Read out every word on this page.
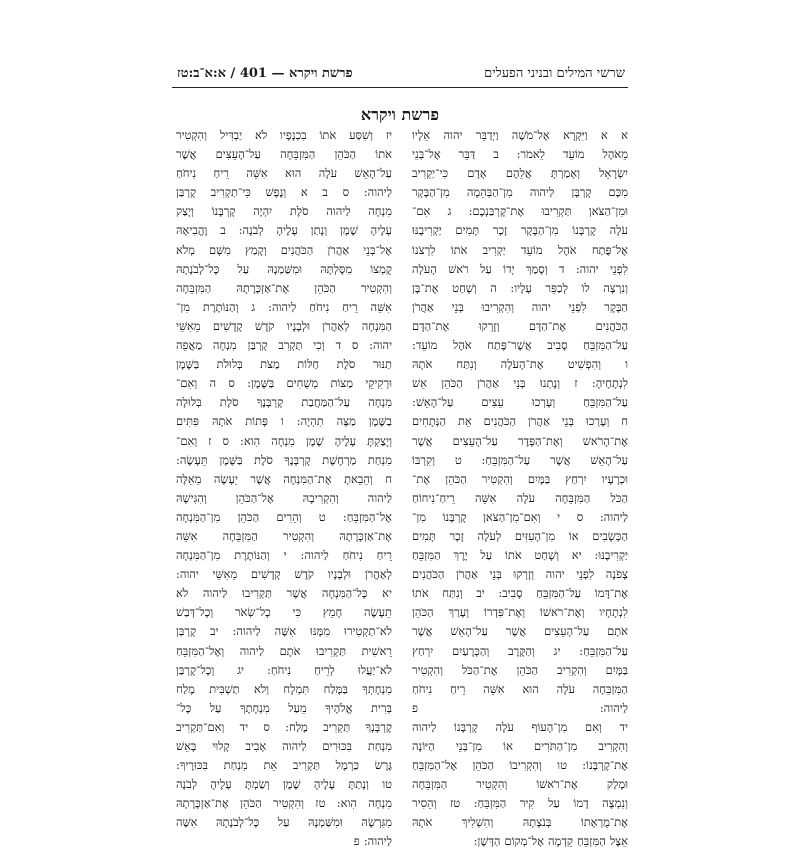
פרשת ויקרא — 401 / א:א־ב:טז	שרשי המילים ובניני הפעלים
פרשת ויקרא
א א וַיִּקְרָא אֶל־מֹשֶׁה וַיְדַבֵּר יהוה אֵלָיו
מֵאֹהֶל מוֹעֵד לֵאמֹר: ב דַּבֵּר אֶל־בְּנֵי
יִשְׂרָאֵל וְאָמַרְתָּ אֲלֵהֶם אָדָם כִּי־יַקְרִיב
מִכֶּם קָרְבָּן לַיהוה מִן־הַבְּהֵמָה מִן־הַבָּקָר
וּמִן־הַצֹּאן תַּקְרִיבוּ אֶת־קָרְבַּנְכֶם: ג אִם־
עֹלָה קָרְבָּנוֹ מִן־הַבָּקָר זָכָר תָּמִים יַקְרִיבֶנּוּ
אֶל־פֶּתַח אֹהֶל מוֹעֵד יַקְרִיב אֹתוֹ לִרְצֹנוֹ
לִפְנֵי יהוה: ד וְסָמַךְ יָדוֹ עַל רֹאשׁ הָעֹלָה
וְנִרְצָה לוֹ לְכַפֵּר עָלָיו: ה וְשָׁחַט אֶת־בֶּן
הַבָּקָר לִפְנֵי יהוה וְהִקְרִיבוּ בְּנֵי אַהֲרֹן
הַכֹּהֲנִים אֶת־הַדָּם וְזָרְקוּ אֶת־הַדָּם
עַל־הַמִּזְבֵּחַ סָבִיב אֲשֶׁר־פֶּתַח אֹהֶל מוֹעֵד:
ו וְהִפְשִׁיט אֶת־הָעֹלָה וְנִתַּח אֹתָהּ
לִנְתָחֶיהָ: ז וְנָתְנוּ בְּנֵי אַהֲרֹן הַכֹּהֵן אֵשׁ
עַל־הַמִּזְבֵּחַ וְעָרְכוּ עֵצִים עַל־הָאֵשׁ:
ח וְעָרְכוּ בְּנֵי אַהֲרֹן הַכֹּהֲנִים אֵת הַנְּתָחִים
אֶת־הָרֹאשׁ וְאֶת־הַפָּדֶר עַל־הָעֵצִים אֲשֶׁר
עַל־הָאֵשׁ אֲשֶׁר עַל־הַמִּזְבֵּחַ: ט וְקִרְבּוֹ
וּכְרָעָיו יִרְחַץ בַּמָּיִם וְהִקְטִיר הַכֹּהֵן אֶת־
הַכֹּל הַמִּזְבֵּחָה עֹלָה אִשֵּׁה רֵיחַ־נִיחוֹחַ
לַיהוה: ס י וְאִם־מִן־הַצֹּאן קָרְבָּנוֹ מִן־
הַכְּשָׂבִים אוֹ מִן־הָעִזִּים לְעֹלָה זָכָר תָּמִים
יַקְרִיבֶנּוּ: יא וְשָׁחַט אֹתוֹ עַל יֶרֶךְ הַמִּזְבֵּחַ
צָפֹנָה לִפְנֵי יהוה וְזָרְקוּ בְּנֵי אַהֲרֹן הַכֹּהֲנִים
אֶת־דָּמוֹ עַל־הַמִּזְבֵּחַ סָבִיב: יב וְנִתַּח אֹתוֹ
לִנְתָחָיו וְאֶת־רֹאשׁוֹ וְאֶת־פִּדְרוֹ וְעָרַךְ הַכֹּהֵן
אֹתָם עַל־הָעֵצִים אֲשֶׁר עַל־הָאֵשׁ אֲשֶׁר
עַל־הַמִּזְבֵּחַ: יג וְהַקֶּרֶב וְהַכְּרָעַיִם יִרְחַץ
בַּמָּיִם וְהִקְרִיב הַכֹּהֵן אֶת־הַכֹּל וְהִקְטִיר
הַמִּזְבֵּחָה עֹלָה הוּא אִשֵּׁה רֵיחַ נִיחֹחַ
לַיהוה: פ
יד וְאִם מִן־הָעוֹף עֹלָה קָרְבָּנוֹ לַיהוה
וְהִקְרִיב מִן־הַתֹּרִים אוֹ מִן־בְּנֵי הַיּוֹנָה
אֶת־קָרְבָּנוֹ: טו וְהִקְרִיבוֹ הַכֹּהֵן אֶל־הַמִּזְבֵּחַ
וּמָלַק אֶת־רֹאשׁוֹ וְהִקְטִיר הַמִּזְבֵּחָה
וְנִמְצָה דָמוֹ עַל קִיר הַמִּזְבֵּחַ: טז וְהֵסִיר
אֶת־מֻרְאָתוֹ בְּנֹצָתָהּ וְהִשְׁלִיךְ אֹתָהּ
אֵצֶל הַמִּזְבֵּחַ קֵדְמָה אֶל־מְקוֹם הַדָּשֶׁן:
יז וְשִׁסַּע אֹתוֹ בִכְנָפָיו לֹא יַבְדִּיל וְהִקְטִיר
אֹתוֹ הַכֹּהֵן הַמִּזְבֵּחָה עַל־הָעֵצִים אֲשֶׁר
עַל־הָאֵשׁ עֹלָה הוּא אִשֵּׁה רֵיחַ נִיחֹחַ
לַיהוה: ס ב א וְנֶפֶשׁ כִּי־תַקְרִיב קָרְבַּן
מִנְחָה לַיהוה סֹלֶת יִהְיֶה קָרְבָּנוֹ וְיָצַק
עָלֶיהָ שֶׁמֶן וְנָתַן עָלֶיהָ לְבֹנָה: ב וֶהֱבִיאָהּ
אֶל־בְּנֵי אַהֲרֹן הַכֹּהֲנִים וְקָמַץ מִשָּׁם מְלֹא
קֻמְצוֹ מִסָּלְתָּהּ וּמִשַּׁמְנָהּ עַל כָּל־לְבֹנָתָהּ
וְהִקְטִיר הַכֹּהֵן אֶת־אַזְכָּרָתָהּ הַמִּזְבֵּחָה
אִשֵּׁה רֵיחַ נִיחֹחַ לַיהוה: ג וְהַנּוֹתֶרֶת מִן־
הַמִּנְחָה לְאַהֲרֹן וּלְבָנָיו קֹדֶשׁ קָדָשִׁים מֵאִשֵּׁי
יהוה: ס ד וְכִי תַקְרִב קָרְבַּן מִנְחָה מַאֲפֵה
תַנּוּר סֹלֶת חַלּוֹת מַצֹּת בְּלוּלֹת בַּשֶּׁמֶן
וּרְקִיקֵי מַצּוֹת מְשֻׁחִים בַּשָּׁמֶן: ס ה וְאִם־
מִנְחָה עַל־הַמַּחֲבַת קָרְבָּנֶךָ סֹלֶת בְּלוּלָה
בַשֶּׁמֶן מַצָּה תִהְיֶה: ו פָּתוֹת אֹתָהּ פִּתִּים
וְיָצַקְתָּ עָלֶיהָ שָׁמֶן מִנְחָה הִוא: ס ז וְאִם־
מִנְחַת מַרְחֶשֶׁת קָרְבָּנֶךָ סֹלֶת בַּשֶּׁמֶן תֵּעָשֶׂה:
ח וְהֵבֵאתָ אֶת־הַמִּנְחָה אֲשֶׁר יֵעָשֶׂה מֵאֵלֶּה
לַיהוה וְהִקְרִיבָהּ אֶל־הַכֹּהֵן וְהִגִּישָׁהּ
אֶל־הַמִּזְבֵּחַ: ט וְהֵרִים הַכֹּהֵן מִן־הַמִּנְחָה
אֶת־אַזְכָּרָתָהּ וְהִקְטִיר הַמִּזְבֵּחָה אִשֵּׁה
רֵיחַ נִיחֹחַ לַיהוה: י וְהַנּוֹתֶרֶת מִן־הַמִּנְחָה
לְאַהֲרֹן וּלְבָנָיו קֹדֶשׁ קָדָשִׁים מֵאִשֵּׁי יהוה:
יא כָּל־הַמִּנְחָה אֲשֶׁר תַּקְרִיבוּ לַיהוה לֹא
תֵעָשֶׂה חָמֵץ כִּי כָל־שְׂאֹר וְכָל־דְּבַשׁ
לֹא־תַקְטִירוּ מִמֶּנּוּ אִשֶּׁה לַיהוה: יב קָרְבַּן
רֵאשִׁית תַּקְרִיבוּ אֹתָם לַיהוה וְאֶל־הַמִּזְבֵּחַ
לֹא־יַעֲלוּ לְרֵיחַ נִיחֹחַ: יג וְכָל־קָרְבַּן
מִנְחָתְךָ בַּמֶּלַח תִּמְלָח וְלֹא תַשְׁבִּית מֶלַח
בְּרִית אֱלֹהֶיךָ מֵעַל מִנְחָתֶךָ עַל כָּל־
קָרְבָּנְךָ תַּקְרִיב מֶלַח: ס יד וְאִם־תַּקְרִיב
מִנְחַת בִּכּוּרִים לַיהוה אָבִיב קָלוּי בָּאֵשׁ
גֶּרֶשׂ כַּרְמֶל תַּקְרִיב אֵת מִנְחַת בִּכּוּרֶיךָ:
טו וְנָתַתָּ עָלֶיהָ שֶׁמֶן וְשַׂמְתָּ עָלֶיהָ לְבֹנָה
מִנְחָה הִוא: טז וְהִקְטִיר הַכֹּהֵן אֶת־אַזְכָּרָתָהּ
מִגִּרְשָׂהּ וּמִשַּׁמְנָהּ עַל כָּל־לְבֹנָתָהּ אִשֶּׁה
לַיהוה: פ
